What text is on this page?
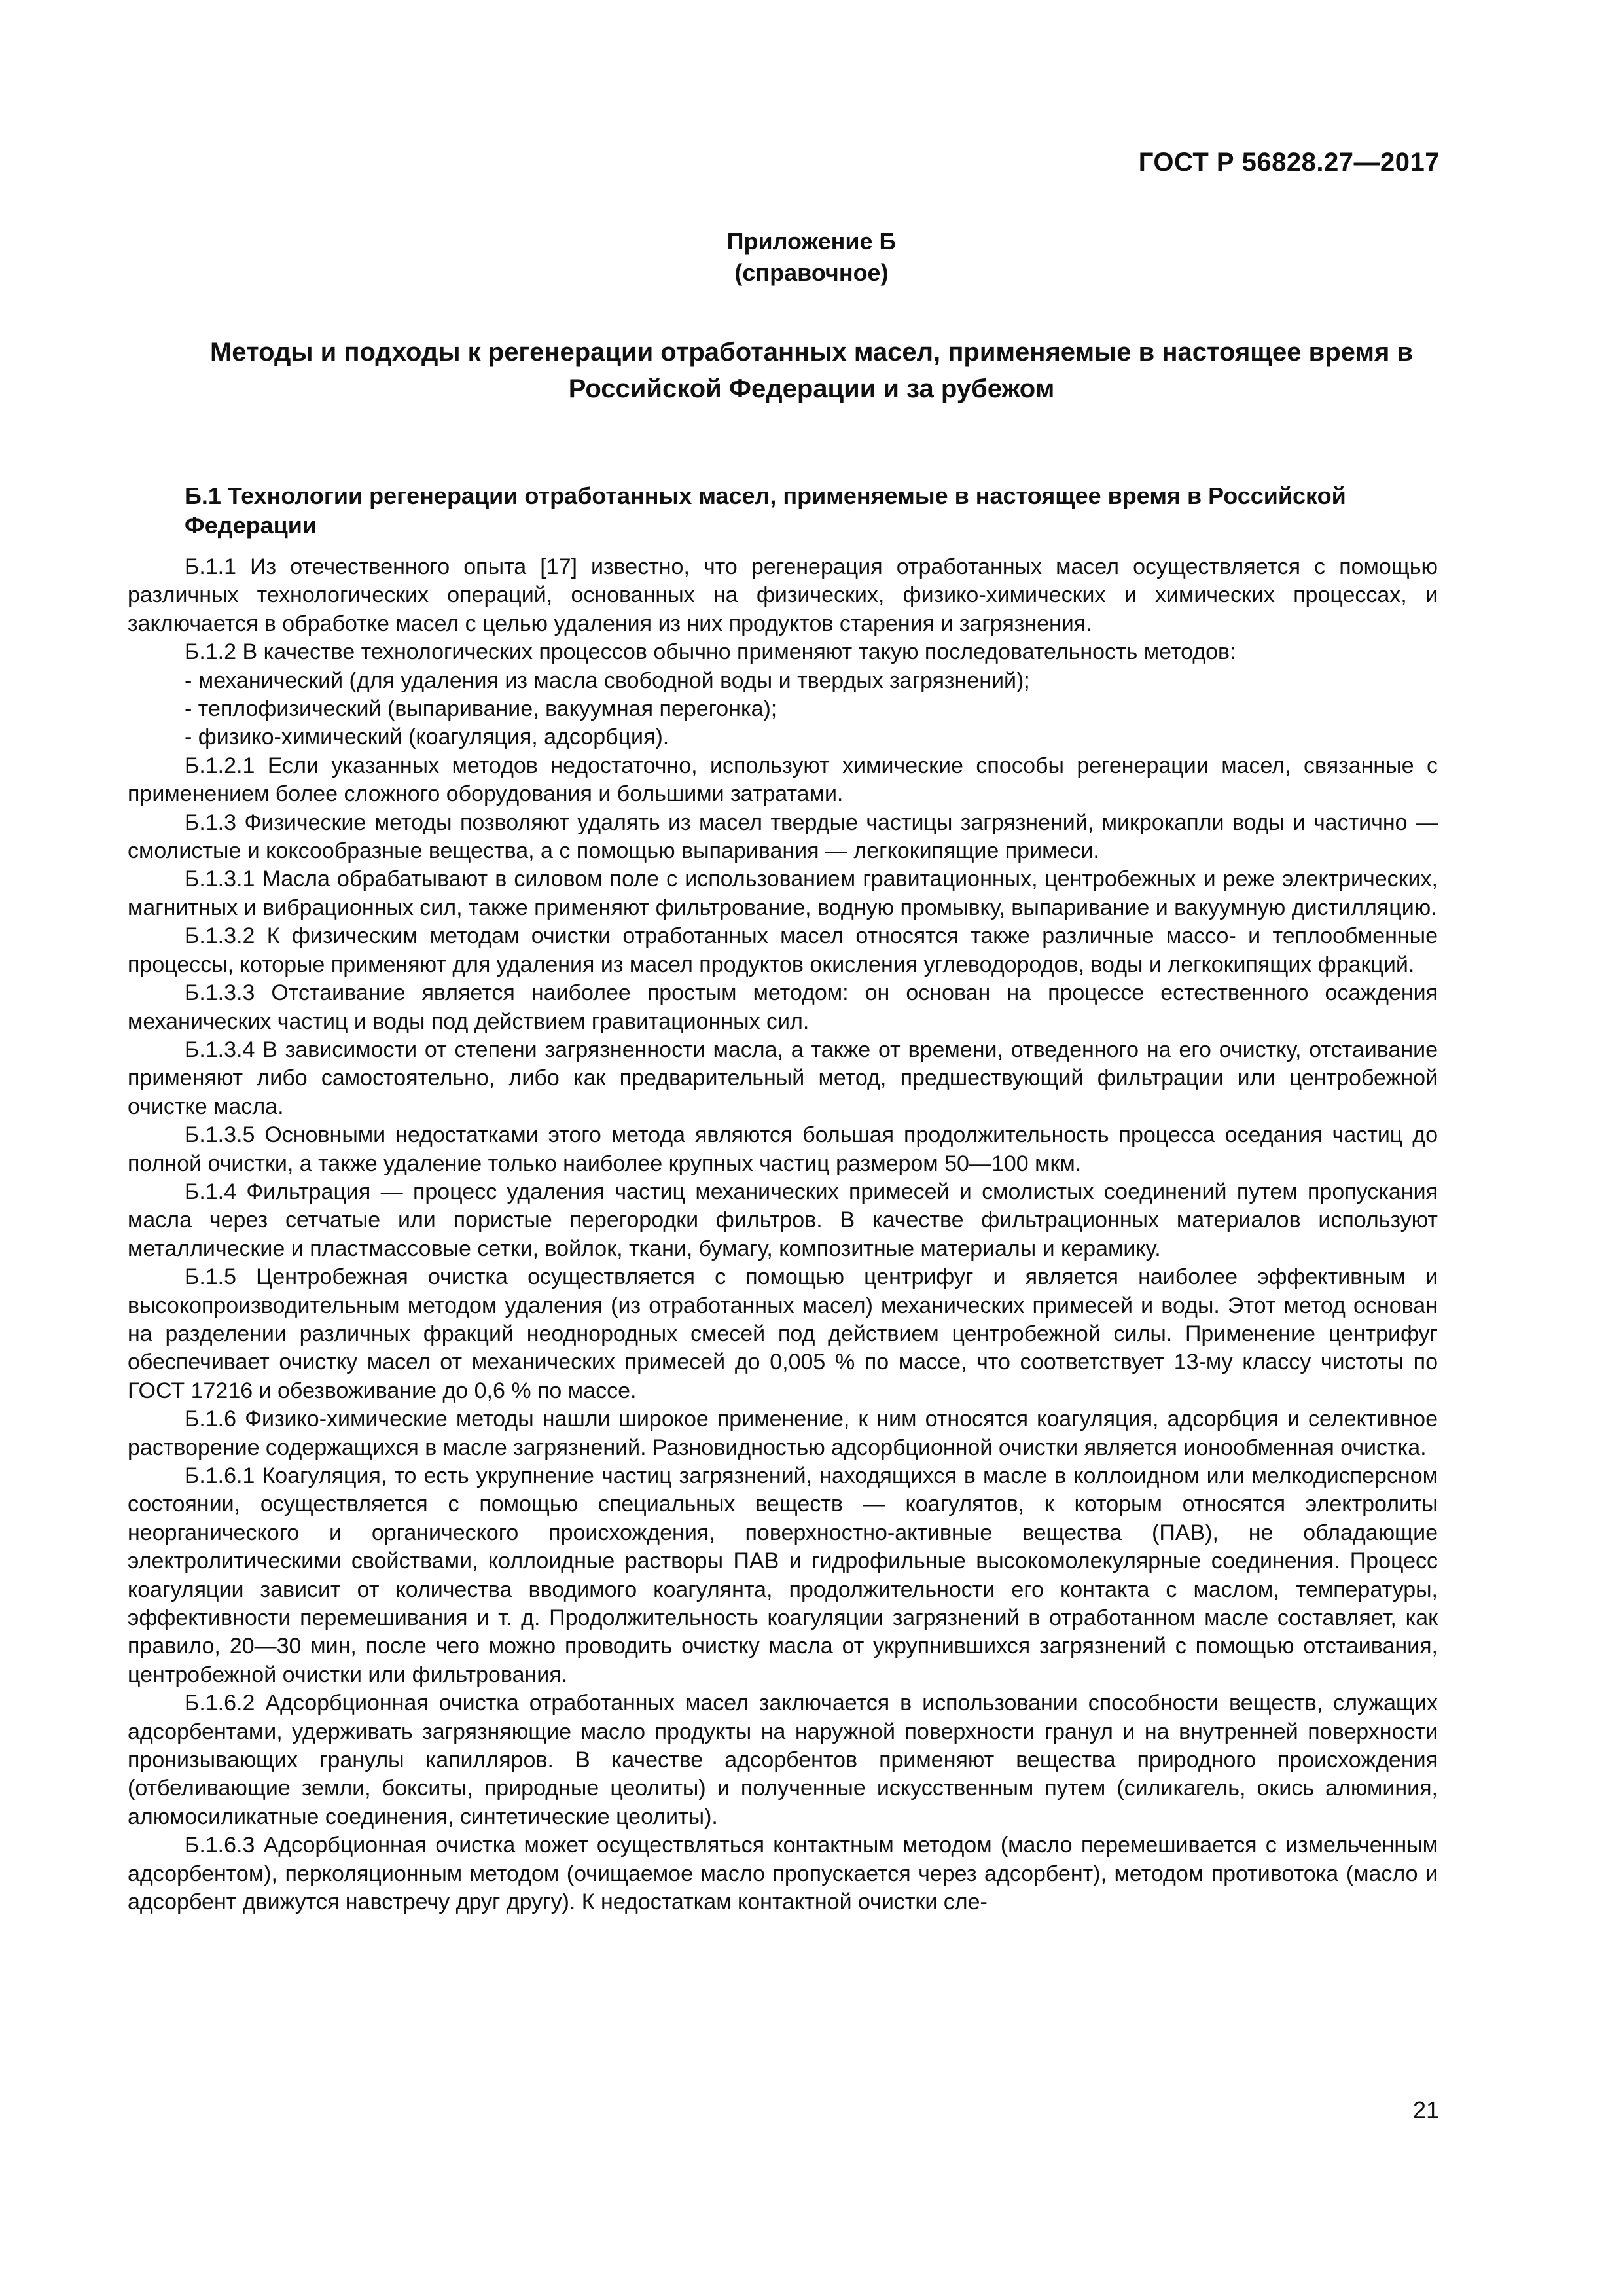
ГОСТ Р 56828.27—2017
Приложение Б
(справочное)
Методы и подходы к регенерации отработанных масел, применяемые в настоящее время в
Российской Федерации и за рубежом
Б.1 Технологии регенерации отработанных масел, применяемые в настоящее время в Российской Федерации

Б.1.1 Из отечественного опыта [17] известно, что регенерация отработанных масел осуществляется с помощью различных технологических операций, основанных на физических, физико-химических и химических процессах, и заключается в обработке масел с целью удаления из них продуктов старения и загрязнения.

Б.1.2 В качестве технологических процессов обычно применяют такую последовательность методов:

- механический (для удаления из масла свободной воды и твердых загрязнений);

- теплофизический (выпаривание, вакуумная перегонка);

- физико-химический (коагуляция, адсорбция).

Б.1.2.1 Если указанных методов недостаточно, используют химические способы регенерации масел, связанные с применением более сложного оборудования и большими затратами.

Б.1.3 Физические методы позволяют удалять из масел твердые частицы загрязнений, микрокапли воды и частично — смолистые и коксообразные вещества, а с помощью выпаривания — легкокипящие примеси.

Б.1.3.1 Масла обрабатывают в силовом поле с использованием гравитационных, центробежных и реже электрических, магнитных и вибрационных сил, также применяют фильтрование, водную промывку, выпаривание и вакуумную дистилляцию.

Б.1.3.2 К физическим методам очистки отработанных масел относятся также различные массо- и теплообменные процессы, которые применяют для удаления из масел продуктов окисления углеводородов, воды и легкокипящих фракций.

Б.1.3.3 Отстаивание является наиболее простым методом: он основан на процессе естественного осаждения механических частиц и воды под действием гравитационных сил.

Б.1.3.4 В зависимости от степени загрязненности масла, а также от времени, отведенного на его очистку, отстаивание применяют либо самостоятельно, либо как предварительный метод, предшествующий фильтрации или центробежной очистке масла.

Б.1.3.5 Основными недостатками этого метода являются большая продолжительность процесса оседания частиц до полной очистки, а также удаление только наиболее крупных частиц размером 50—100 мкм.

Б.1.4 Фильтрация — процесс удаления частиц механических примесей и смолистых соединений путем пропускания масла через сетчатые или пористые перегородки фильтров. В качестве фильтрационных материалов используют металлические и пластмассовые сетки, войлок, ткани, бумагу, композитные материалы и керамику.

Б.1.5 Центробежная очистка осуществляется с помощью центрифуг и является наиболее эффективным и высокопроизводительным методом удаления (из отработанных масел) механических примесей и воды. Этот метод основан на разделении различных фракций неоднородных смесей под действием центробежной силы. Применение центрифуг обеспечивает очистку масел от механических примесей до 0,005 % по массе, что соответствует 13-му классу чистоты по ГОСТ 17216 и обезвоживание до 0,6 % по массе.

Б.1.6 Физико-химические методы нашли широкое применение, к ним относятся коагуляция, адсорбция и селективное растворение содержащихся в масле загрязнений. Разновидностью адсорбционной очистки является ионообменная очистка.

Б.1.6.1 Коагуляция, то есть укрупнение частиц загрязнений, находящихся в масле в коллоидном или мелкодисперсном состоянии, осуществляется с помощью специальных веществ — коагулятов, к которым относятся электролиты неорганического и органического происхождения, поверхностно-активные вещества (ПАВ), не обладающие электролитическими свойствами, коллоидные растворы ПАВ и гидрофильные высокомолекулярные соединения. Процесс коагуляции зависит от количества вводимого коагулянта, продолжительности его контакта с маслом, температуры, эффективности перемешивания и т. д. Продолжительность коагуляции загрязнений в отработанном масле составляет, как правило, 20—30 мин, после чего можно проводить очистку масла от укрупнившихся загрязнений с помощью отстаивания, центробежной очистки или фильтрования.

Б.1.6.2 Адсорбционная очистка отработанных масел заключается в использовании способности веществ, служащих адсорбентами, удерживать загрязняющие масло продукты на наружной поверхности гранул и на внутренней поверхности пронизывающих гранулы капилляров. В качестве адсорбентов применяют вещества природного происхождения (отбеливающие земли, бокситы, природные цеолиты) и полученные искусственным путем (силикагель, окись алюминия, алюмосиликатные соединения, синтетические цеолиты).

Б.1.6.3 Адсорбционная очистка может осуществляться контактным методом (масло перемешивается с измельченным адсорбентом), перколяционным методом (очищаемое масло пропускается через адсорбент), методом противотока (масло и адсорбент движутся навстречу друг другу). К недостаткам контактной очистки сле-

21
